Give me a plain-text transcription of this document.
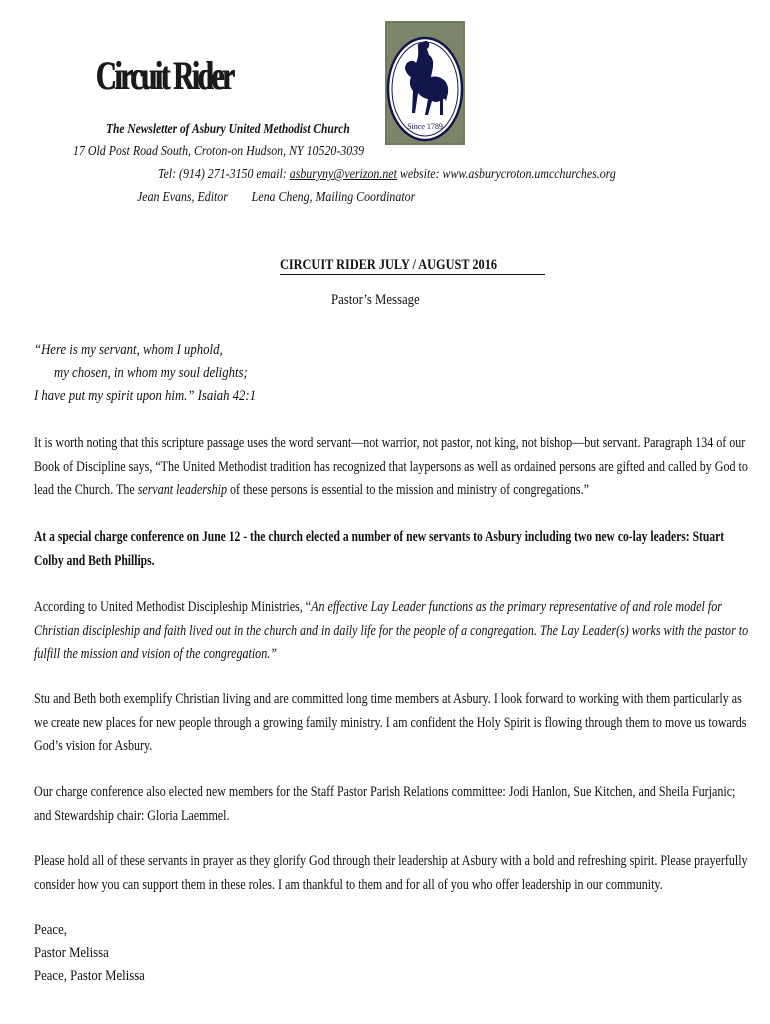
Circuit Rider
Since 1789
The Newsletter of Asbury United Methodist Church
17 Old Post Road South, Croton-on Hudson, NY 10520-3039
Tel: (914) 271-3150 email: asburyny@verizon.net website: www.asburycroton.umcchurches.org
Jean Evans, Editor Lena Cheng, Mailing Coordinator
CIRCUIT RIDER JULY / AUGUST 2016
Pastor’s Message
“Here is my servant, whom I uphold,
my chosen, in whom my soul delights;
I have put my spirit upon him.” Isaiah 42:1

It is worth noting that this scripture passage uses the word servant—not warrior, not pastor, not king, not bishop—but servant. Paragraph 134 of our Book of Discipline says, “The United Methodist tradition has recognized that laypersons as well as ordained persons are gifted and called by God to lead the Church. The servant leadership of these persons is essential to the mission and ministry of congregations.”

At a special charge conference on June 12 - the church elected a number of new servants to Asbury including two new co-lay leaders: Stuart Colby and Beth Phillips.

According to United Methodist Discipleship Ministries, “An effective Lay Leader functions as the primary representative of and role model for Christian discipleship and faith lived out in the church and in daily life for the people of a congregation. The Lay Leader(s) works with the pastor to fulfill the mission and vision of the congregation.”

Stu and Beth both exemplify Christian living and are committed long time members at Asbury. I look forward to working with them particularly as we create new places for new people through a growing family ministry. I am confident the Holy Spirit is flowing through them to move us towards God’s vision for Asbury.

Our charge conference also elected new members for the Staff Pastor Parish Relations committee: Jodi Hanlon, Sue Kitchen, and Sheila Furjanic; and Stewardship chair: Gloria Laemmel.

Please hold all of these servants in prayer as they glorify God through their leadership at Asbury with a bold and refreshing spirit. Please prayerfully consider how you can support them in these roles. I am thankful to them and for all of you who offer leadership in our community.

Peace,
Pastor Melissa
Peace, Pastor Melissa
